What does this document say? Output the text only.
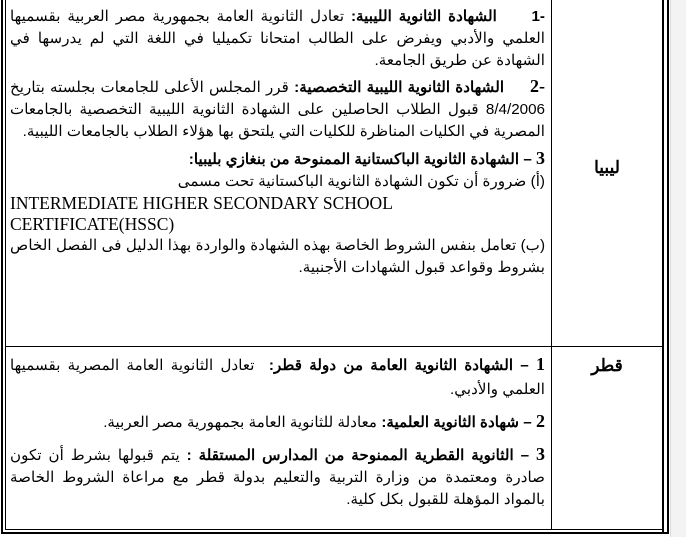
ليبيا

-1     الشهادة الثانوية الليبية: تعادل الثانوية العامة بجمهورية مصر العربية بقسميها العلمي والأدبي ويفرض على الطالب امتحانا تكميليا في اللغة التي لم يدرسها في الشهادة عن طريق الجامعة.

-2     الشهادة الثانوية الليبية التخصصية: قرر المجلس الأعلى للجامعات بجلسته بتاريخ 8/4/2006 قبول الطلاب الحاصلين على الشهادة الثانوية الليبية التخصصية بالجامعات المصرية في الكليات المناظرة للكليات التي يلتحق بها هؤلاء الطلاب بالجامعات الليبية.

3 – الشهادة الثانوية الباكستانية الممنوحة من بنغازي بليبيا:

(أ) ضرورة أن تكون الشهادة الثانوية الباكستانية تحت مسمى

INTERMEDIATE HIGHER SECONDARY SCHOOL

CERTIFICATE(HSSC)

(ب) تعامل بنفس الشروط الخاصة بهذه الشهادة والواردة بهذا الدليل فى الفصل الخاص بشروط وقواعد قبول الشهادات الأجنبية.

قطر

1 – الشهادة الثانوية العامة من دولة قطر:  تعادل الثانوية العامة المصرية بقسميها العلمي والأدبي.

2 – شهادة الثانوية العلمية: معادلة للثانوية العامة بجمهورية مصر العربية.

3 – الثانوية القطرية الممنوحة من المدارس المستقلة : يتم قبولها بشرط أن تكون صادرة ومعتمدة من وزارة التربية والتعليم بدولة قطر مع مراعاة الشروط الخاصة بالمواد المؤهلة للقبول بكل كلية.
